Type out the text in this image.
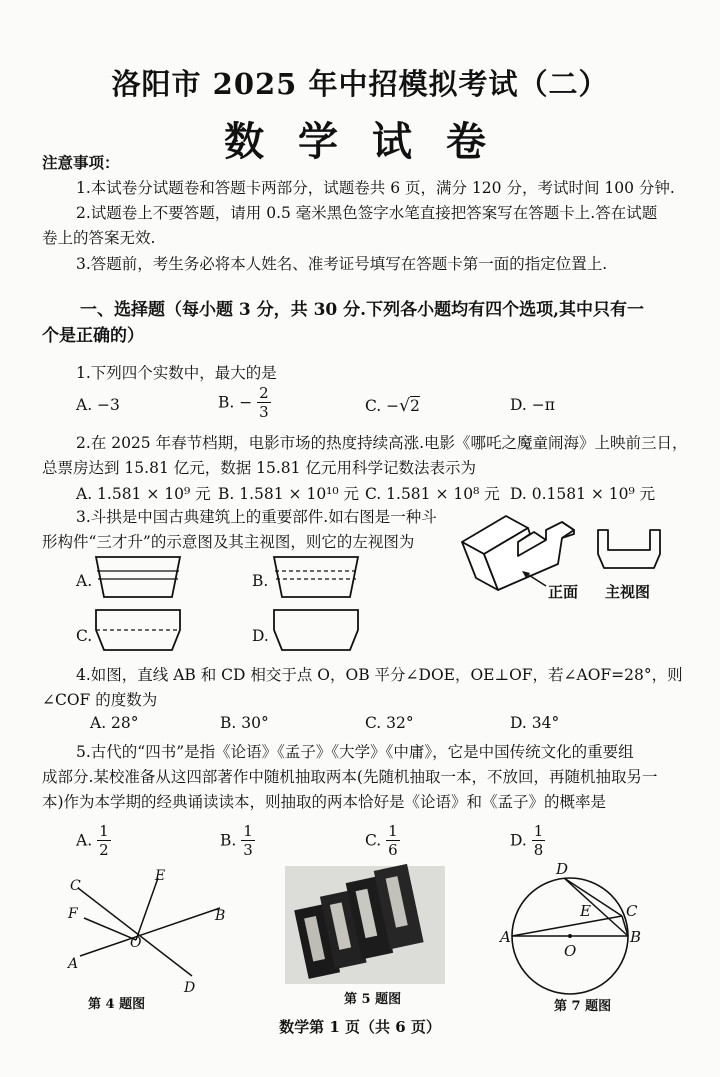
洛阳市 2025 年中招模拟考试（二）
数 学 试 卷
注意事项：
1.本试卷分试题卷和答题卡两部分，试题卷共 6 页，满分 120 分，考试时间 100 分钟.
2.试题卷上不要答题，请用 0.5 毫米黑色签字水笔直接把答案写在答题卡上.答在试题
卷上的答案无效.
3.答题前，考生务必将本人姓名、准考证号填写在答题卡第一面的指定位置上.
一、选择题（每小题 3 分，共 30 分.下列各小题均有四个选项,其中只有一
个是正确的）
1.下列四个实数中，最大的是
A. −3	B. − $\frac{2}{3}$	C. −√2	D. −π
2.在 2025 年春节档期，电影市场的热度持续高涨.电影《哪吒之魔童闹海》上映前三日，
总票房达到 15.81 亿元，数据 15.81 亿元用科学记数法表示为
A. 1.581 × 10⁹ 元 B. 1.581 × 10¹⁰ 元 C. 1.581 × 10⁸ 元 D. 0.1581 × 10⁹ 元
3.斗拱是中国古典建筑上的重要部件.如右图是一种斗
形构件“三才升”的示意图及其主视图，则它的左视图为
A.	B.
C.	D.
正面 主视图
4.如图，直线 AB 和 CD 相交于点 O，OB 平分∠DOE，OE⊥OF，若∠AOF=28°，则
∠COF 的度数为
A. 28°	B. 30°	C. 32°	D. 34°
5.古代的“四书”是指《论语》《孟子》《大学》《中庸》，它是中国传统文化的重要组
成部分.某校准备从这四部著作中随机抽取两本(先随机抽取一本，不放回，再随机抽取另一
本)作为本学期的经典诵读读本，则抽取的两本恰好是《论语》和《孟子》的概率是
A. $\frac{1}{2}$	B. $\frac{1}{3}$	C. $\frac{1}{6}$	D. $\frac{1}{8}$
C
E
F	B
O
A
D
第 4 题图	第 5 题图
D
E C
A
O
B
第 7 题图
数学第 1 页（共 6 页）
